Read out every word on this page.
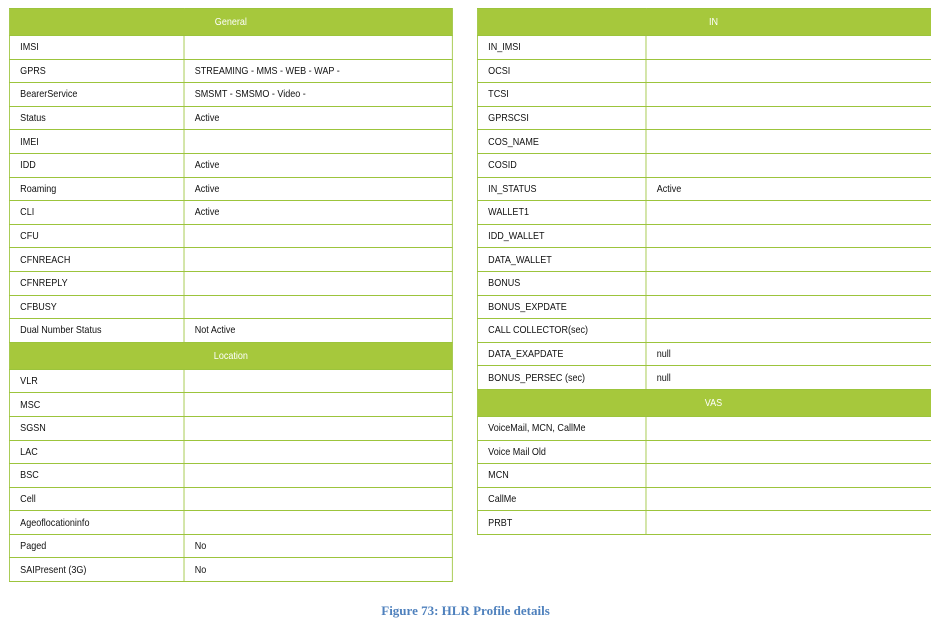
General	
IMSI	
GPRS	STREAMING - MMS - WEB - WAP -
BearerService	SMSMT - SMSMO - Video -
Status	Active
IMEI	
IDD	Active
Roaming	Active
CLI	Active
CFU	
CFNREACH	
CFNREPLY	
CFBUSY	
Dual Number Status	Not Active
Location	
VLR	
MSC	
SGSN	
LAC	
BSC	
Cell	
Ageoflocationinfo	
Paged	No
SAIPresent (3G)	No
IN	
IN_IMSI	
OCSI	
TCSI	
GPRSCSI	
COS_NAME	
COSID	
IN_STATUS	Active
WALLET1	
IDD_WALLET	
DATA_WALLET	
BONUS	
BONUS_EXPDATE	
CALL COLLECTOR(sec)	
DATA_EXAPDATE	null
BONUS_PERSEC (sec)	null
VAS	
VoiceMail, MCN, CallMe	
Voice Mail Old	
MCN	
CallMe	
PRBT	
Figure 73: HLR Profile details
